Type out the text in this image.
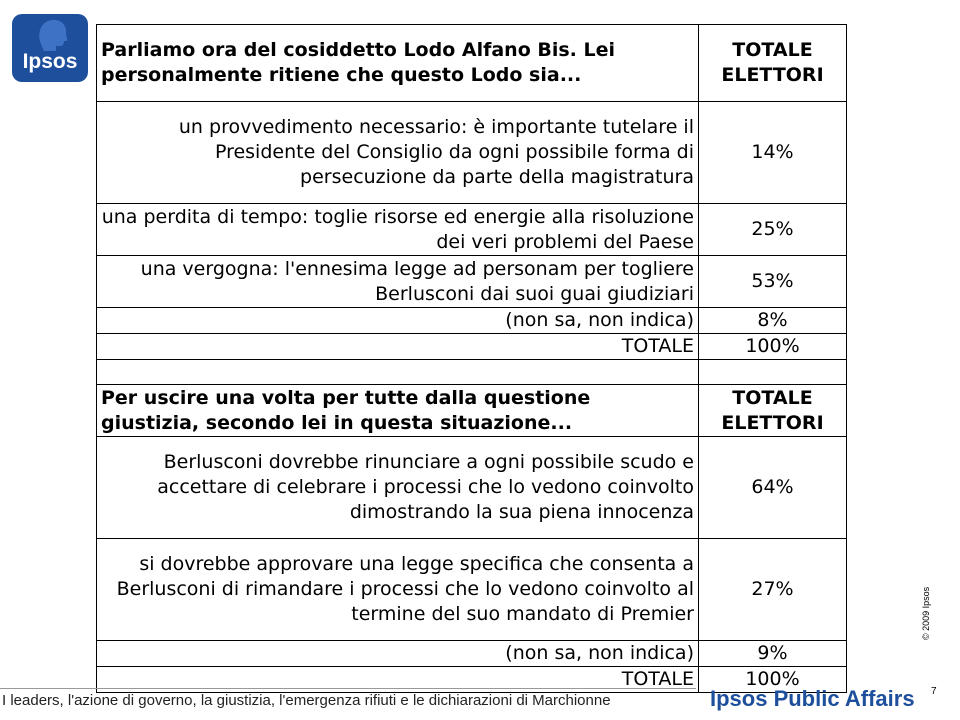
Ipsos	Parliamo ora del cosiddetto Lodo Alfano Bis. Lei personalmente ritiene che questo Lodo sia...	TOTALE ELETTORI
un provvedimento necessario: è importante tutelare il Presidente del Consiglio da ogni possibile forma di persecuzione da parte della magistratura	14%
una perdita di tempo: toglie risorse ed energie alla risoluzione dei veri problemi del Paese	25%
una vergogna: l'ennesima legge ad personam per togliere Berlusconi dai suoi guai giudiziari	53%
(non sa, non indica)	8%
TOTALE	100%

Per uscire una volta per tutte dalla questione giustizia, secondo lei in questa situazione...	TOTALE ELETTORI
Berlusconi dovrebbe rinunciare a ogni possibile scudo e accettare di celebrare i processi che lo vedono coinvolto dimostrando la sua piena innocenza	64%
si dovrebbe approvare una legge specifica che consenta a Berlusconi di rimandare i processi che lo vedono coinvolto al termine del suo mandato di Premier	27%
(non sa, non indica)	9%
TOTALE	100%
© 2009 Ipsos
7
I leaders, l'azione di governo, la giustizia, l'emergenza rifiuti e le dichiarazioni di Marchionne	Ipsos Public Affairs
